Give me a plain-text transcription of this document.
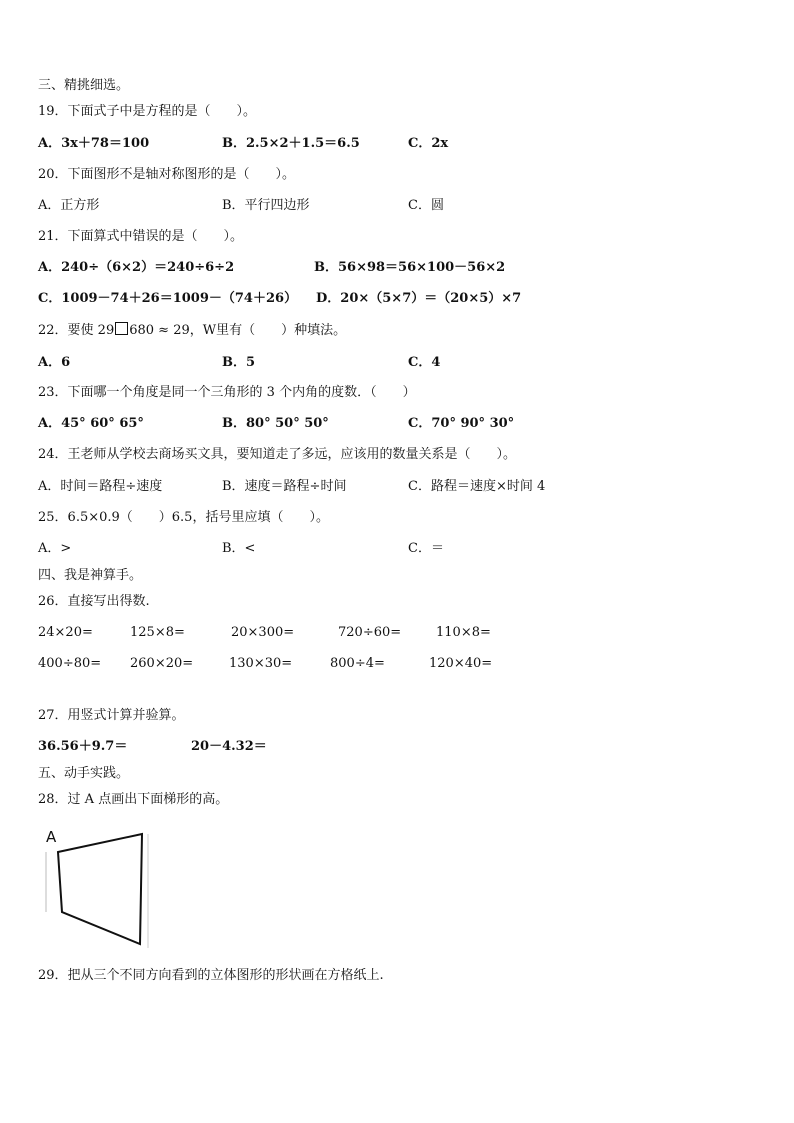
三、精挑细选。
19．下面式子中是方程的是（　　）。
A．3x＋78＝100	B．2.5×2＋1.5＝6.5	C．2x
20．下面图形不是轴对称图形的是（　　）。
A．正方形	B．平行四边形	C．圆
21．下面算式中错误的是（　　）。
A．240÷（6×2）＝240÷6÷2	B．56×98＝56×100－56×2
C．1009－74＋26＝1009－（74＋26） D．20×（5×7）＝（20×5）×7
22．要使 29 680 ≈ 29，W里有（　　）种填法。
A．6	B．5	C．4
23．下面哪一个角度是同一个三角形的 3 个内角的度数．（　　）
A．45° 60° 65°	B．80° 50° 50°	C．70° 90° 30°
24．王老师从学校去商场买文具，要知道走了多远，应该用的数量关系是（　　）。
A．时间＝路程÷速度	B．速度＝路程÷时间	C．路程＝速度×时间 4
25．6.5×0.9（　　）6.5，括号里应填（　　）。
A．>	B．<	C．＝
四、我是神算手。
26．直接写出得数.
24×20=	125×8=	20×300=	720÷60=	110×8=
400÷80= 260×20=	130×30=	800÷4=	120×40=
27．用竖式计算并验算。
36.56＋9.7＝	20－4.32＝
五、动手实践。
28．过 A 点画出下面梯形的高。
A
29．把从三个不同方向看到的立体图形的形状画在方格纸上.
